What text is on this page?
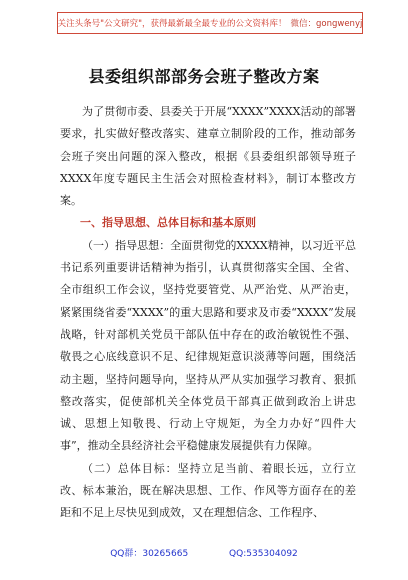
关注头条号"公文研究"，获得最新最全最专业的公文资料库！ 微信：gongwenyj
县委组织部部务会班子整改方案

为了贯彻市委、县委关于开展“XXXX”XXXX活动的部署要求，扎实做好整改落实、建章立制阶段的工作，推动部务会班子突出问题的深入整改，根据《县委组织部领导班子XXXX年度专题民主生活会对照检查材料》，制订本整改方案。

一、指导思想、总体目标和基本原则

（一）指导思想：全面贯彻党的XXXX精神，以习近平总书记系列重要讲话精神为指引，认真贯彻落实全国、全省、全市组织工作会议，坚持党要管党、从严治党、从严治吏，紧紧围绕省委“XXXX”的重大思路和要求及市委“XXXX”发展战略，针对部机关党员干部队伍中存在的政治敏锐性不强、敬畏之心底线意识不足、纪律规矩意识淡薄等问题，围绕活动主题，坚持问题导向，坚持从严从实加强学习教育、狠抓整改落实，促使部机关全体党员干部真正做到政治上讲忠诚、思想上知敬畏、行动上守规矩，为全力办好“四件大事”，推动全县经济社会平稳健康发展提供有力保障。

（二）总体目标：坚持立足当前、着眼长远，立行立改、标本兼治，既在解决思想、工作、作风等方面存在的差距和不足上尽快见到成效，又在理想信念、工作程序、

QQ群：30265665	QQ:535304092
